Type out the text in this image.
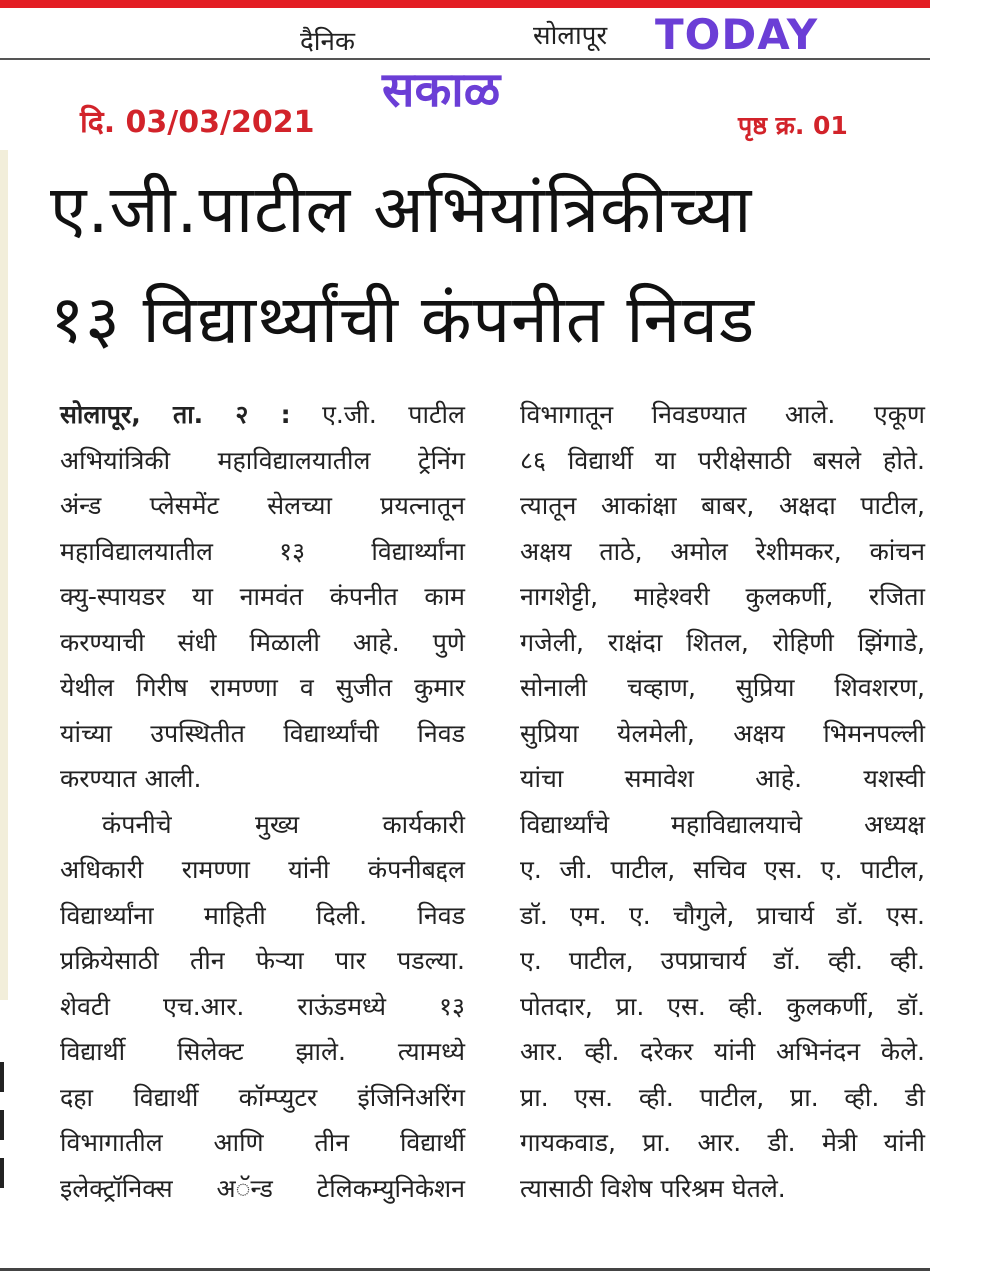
दैनिक	सोलापूर TODAY
सकाळ
दि. 03/03/2021	पृष्ठ क्र. 01
ए.जी.पाटील अभियांत्रिकीच्या
१३ विद्यार्थ्यांची कंपनीत निवड
सोलापूर, ता. २ : ए.जी. पाटील
अभियांत्रिकी महाविद्यालयातील ट्रेनिंग
अंन्ड प्लेसमेंट सेलच्या प्रयत्नातून
महाविद्यालयातील १३ विद्यार्थ्यांना
क्यु-स्पायडर या नामवंत कंपनीत काम
करण्याची संधी मिळाली आहे. पुणे
येथील गिरीष रामण्णा व सुजीत कुमार
यांच्या उपस्थितीत विद्यार्थ्यांची निवड
करण्यात आली.
कंपनीचे मुख्य कार्यकारी
अधिकारी रामण्णा यांनी कंपनीबद्दल
विद्यार्थ्यांना माहिती दिली. निवड
प्रक्रियेसाठी तीन फेऱ्या पार पडल्या.
शेवटी एच.आर. राऊंडमध्ये १३
विद्यार्थी सिलेक्ट झाले. त्यामध्ये
दहा विद्यार्थी कॉम्प्युटर इंजिनिअरिंग
विभागातील आणि तीन विद्यार्थी
इलेक्ट्रॉनिक्स अॅन्ड टेलिकम्युनिकेशन
विभागातून निवडण्यात आले. एकूण
८६ विद्यार्थी या परीक्षेसाठी बसले होते.
त्यातून आकांक्षा बाबर, अक्षदा पाटील,
अक्षय ताठे, अमोल रेशीमकर, कांचन
नागशेट्टी, माहेश्वरी कुलकर्णी, रजिता
गजेली, राक्षंदा शितल, रोहिणी झिंगाडे,
सोनाली चव्हाण, सुप्रिया शिवशरण,
सुप्रिया येलमेली, अक्षय भिमनपल्ली
यांचा समावेश आहे. यशस्वी
विद्यार्थ्यांचे महाविद्यालयाचे अध्यक्ष
ए. जी. पाटील, सचिव एस. ए. पाटील,
डॉ. एम. ए. चौगुले, प्राचार्य डॉ. एस.
ए. पाटील, उपप्राचार्य डॉ. व्ही. व्ही.
पोतदार, प्रा. एस. व्ही. कुलकर्णी, डॉ.
आर. व्ही. दरेकर यांनी अभिनंदन केले.
प्रा. एस. व्ही. पाटील, प्रा. व्ही. डी
गायकवाड, प्रा. आर. डी. मेत्री यांनी
त्यासाठी विशेष परिश्रम घेतले.
